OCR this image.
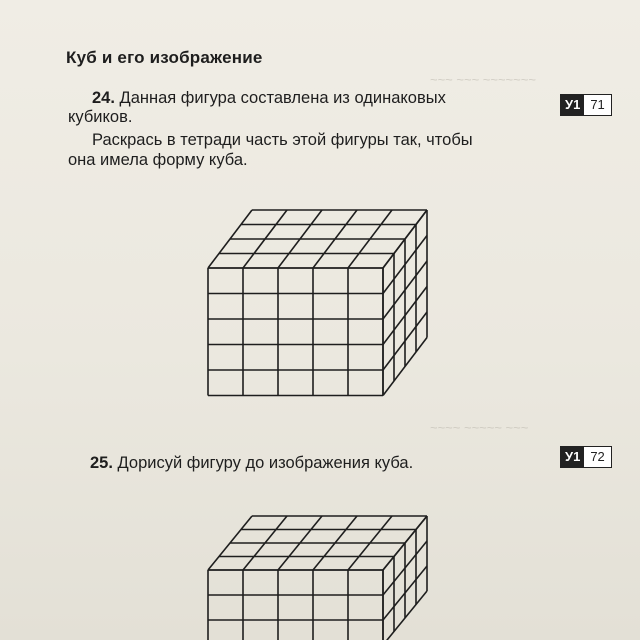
~~~ ~~~ ~~~~~~~
~~~~ ~~~~~ ~~~
Куб и его изображение
24. Данная фигура составлена из одинаковых
кубиков.
Раскрась в тетради часть этой фигуры так, чтобы
она имела форму куба.
У1 71
25. Дорисуй фигуру до изображения куба.	У1 72
